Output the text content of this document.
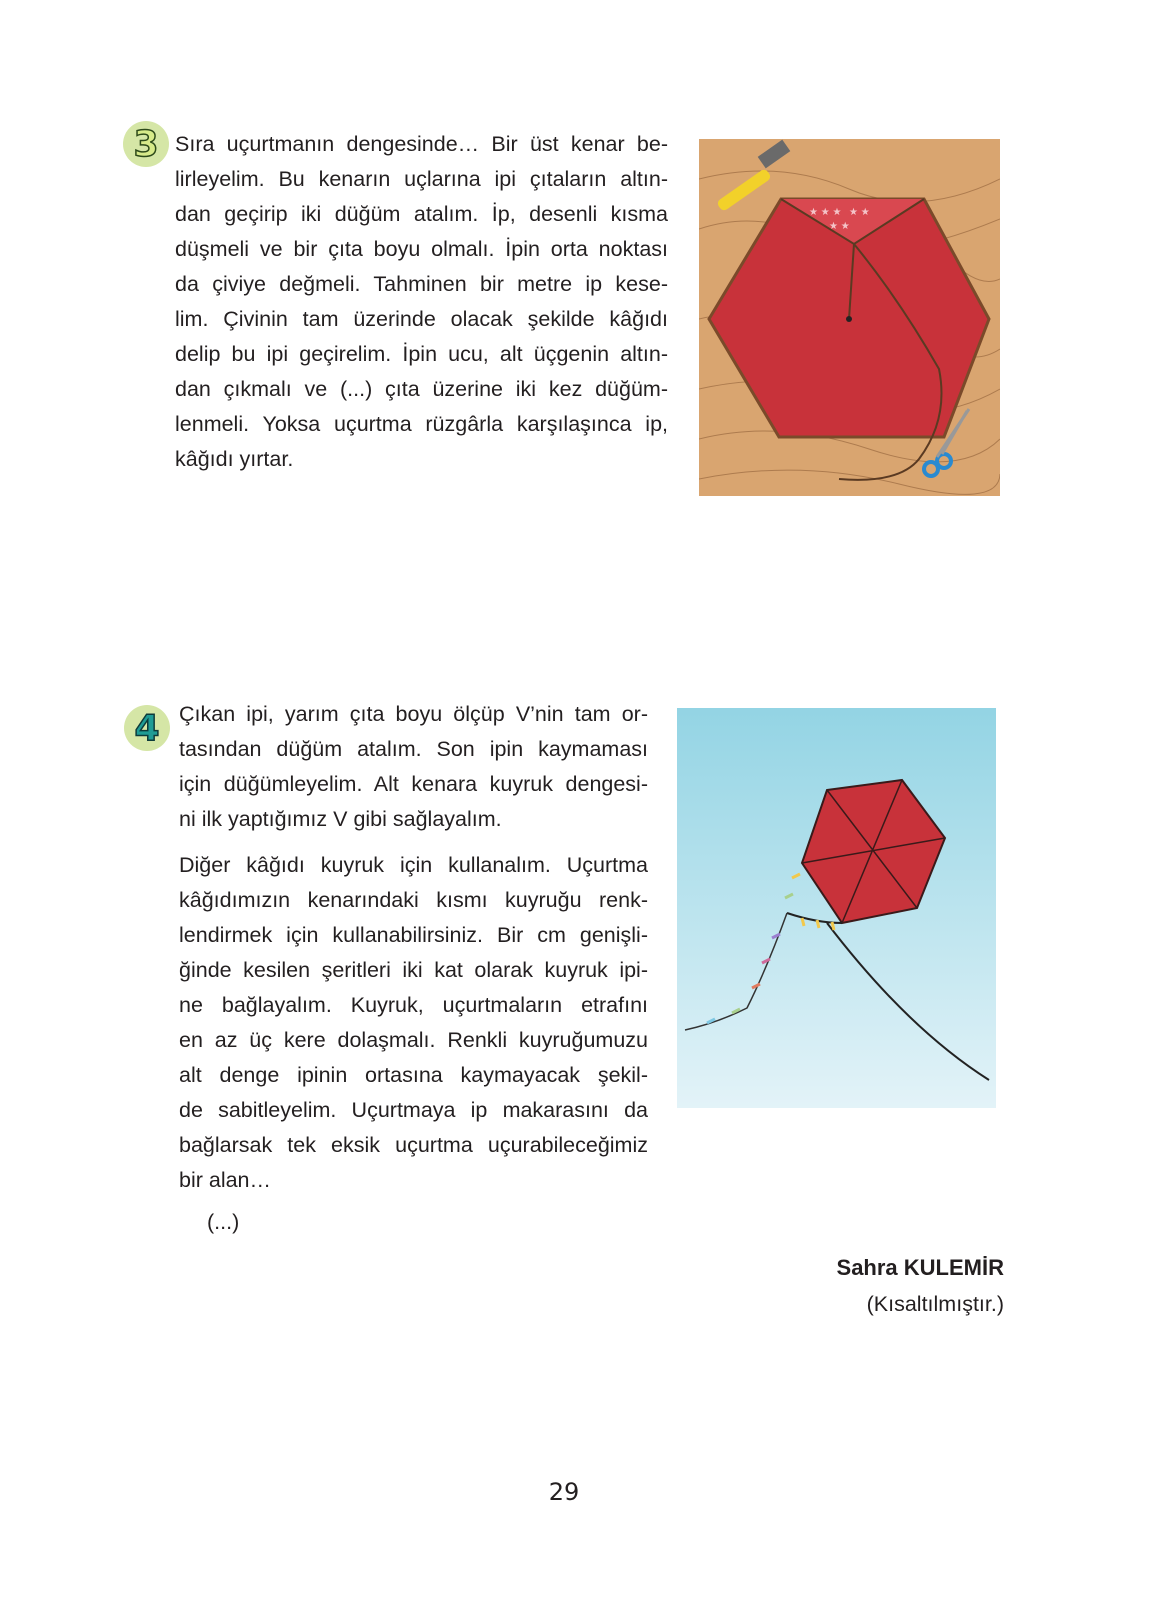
3 Sıra uçurtmanın dengesinde… Bir üst kenar be-
lirleyelim. Bu kenarın uçlarına ipi çıtaların altın-
dan geçirip iki düğüm atalım. İp, desenli kısma
düşmeli ve bir çıta boyu olmalı. İpin orta noktası
da çiviye değmeli. Tahminen bir metre ip kese-
lim. Çivinin tam üzerinde olacak şekilde kâğıdı
delip bu ipi geçirelim. İpin ucu, alt üçgenin altın-
dan çıkmalı ve (...) çıta üzerine iki kez düğüm-
lenmeli. Yoksa uçurtma rüzgârla karşılaşınca ip,
kâğıdı yırtar.
★ ★ ★ ★ ★
★ ★
4 Çıkan ipi, yarım çıta boyu ölçüp V’nin tam or-
tasından düğüm atalım. Son ipin kaymaması
için düğümleyelim. Alt kenara kuyruk dengesi-
ni ilk yaptığımız V gibi sağlayalım.
Diğer kâğıdı kuyruk için kullanalım. Uçurtma
kâğıdımızın kenarındaki kısmı kuyruğu renk-
lendirmek için kullanabilirsiniz. Bir cm genişli-
ğinde kesilen şeritleri iki kat olarak kuyruk ipi-
ne bağlayalım. Kuyruk, uçurtmaların etrafını
en az üç kere dolaşmalı. Renkli kuyruğumuzu
alt denge ipinin ortasına kaymayacak şekil-
de sabitleyelim. Uçurtmaya ip makarasını da
bağlarsak tek eksik uçurtma uçurabileceğimiz
bir alan…
(...)
Sahra KULEMİR
(Kısaltılmıştır.)
29
